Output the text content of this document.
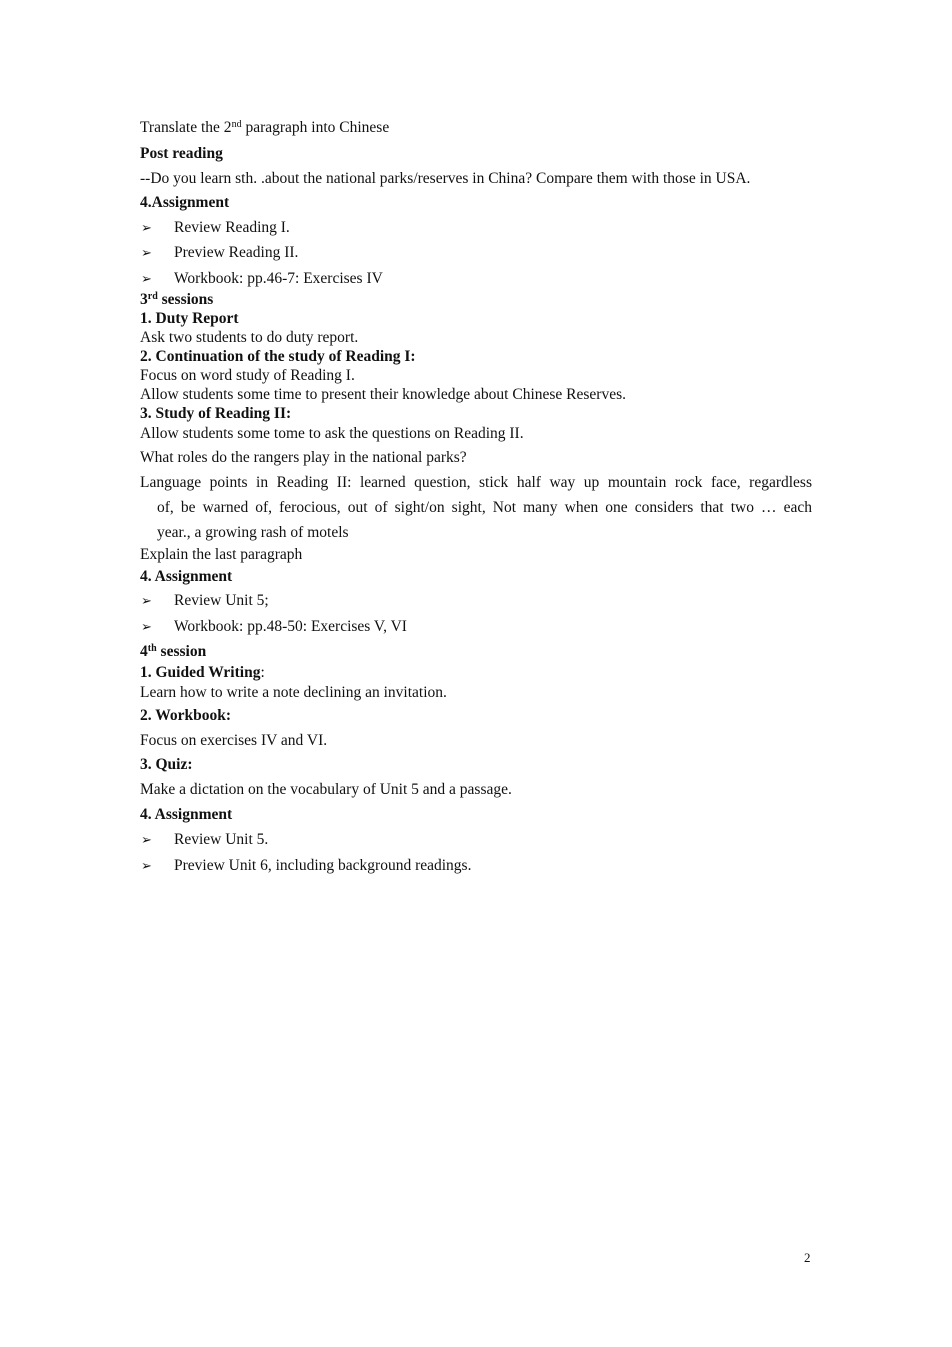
Translate the 2nd paragraph into Chinese
Post reading
--Do you learn sth. .about the national parks/reserves in China? Compare them with those in USA.
4.Assignment
➢ Review Reading I.
➢ Preview Reading II.
➢ Workbook: pp.46-7: Exercises IV
3rd sessions
1. Duty Report
Ask two students to do duty report.
2. Continuation of the study of Reading I:
Focus on word study of Reading I.
Allow students some time to present their knowledge about Chinese Reserves.
3. Study of Reading II:
Allow students some tome to ask the questions on Reading II.
What roles do the rangers play in the national parks?
Language points in Reading II: learned question, stick half way up mountain rock face, regardless
of, be warned of, ferocious, out of sight/on sight, Not many when one considers that two … each
year., a growing rash of motels
Explain the last paragraph
4. Assignment
➢ Review Unit 5;
➢ Workbook: pp.48-50: Exercises V, VI
4th session
1. Guided Writing:
Learn how to write a note declining an invitation.
2. Workbook:
Focus on exercises IV and VI.
3. Quiz:
Make a dictation on the vocabulary of Unit 5 and a passage.
4. Assignment
➢ Review Unit 5.
➢ Preview Unit 6, including background readings.
2
